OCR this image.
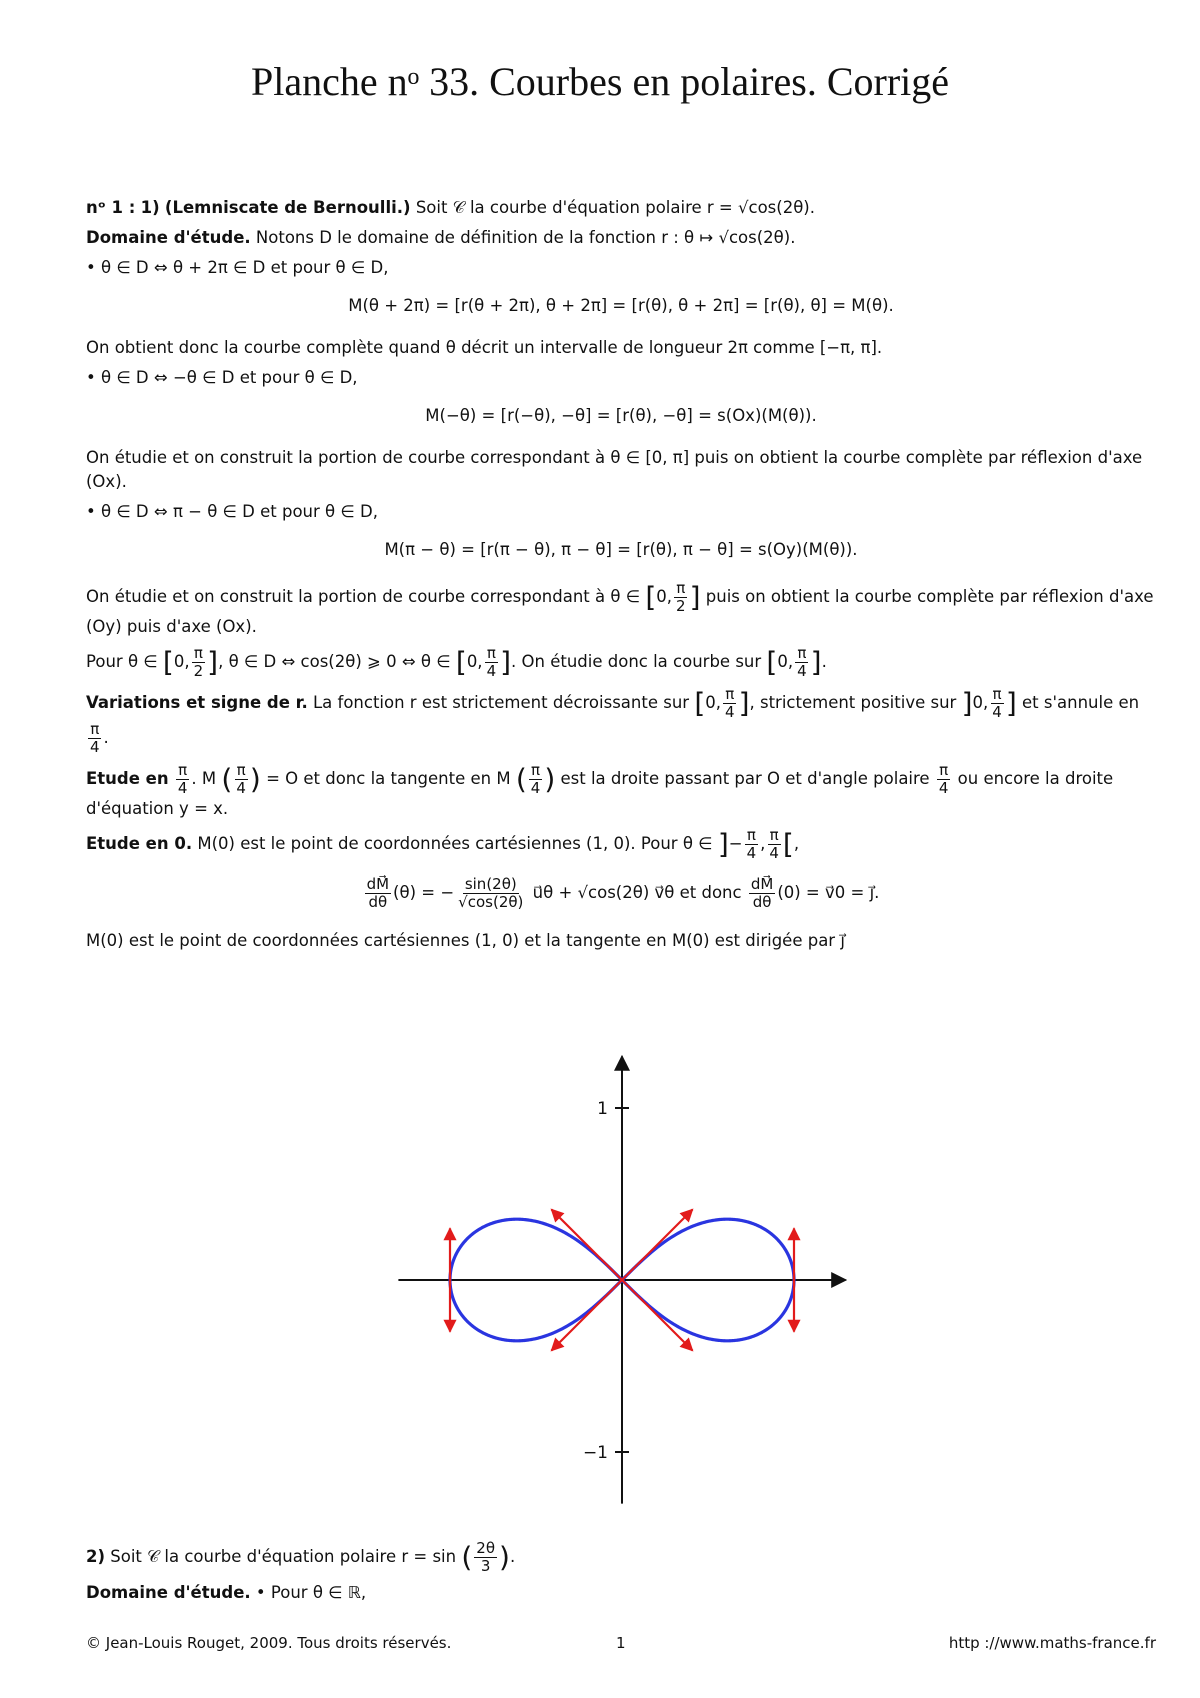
Planche nᵒ 33. Courbes en polaires. Corrigé

nᵒ 1 : 1) (Lemniscate de Bernoulli.) Soit 𝒞 la courbe d'équation polaire r = √cos(2θ).

Domaine d'étude. Notons D le domaine de définition de la fonction r : θ ↦ √cos(2θ).

• θ ∈ D ⇔ θ + 2π ∈ D et pour θ ∈ D,

M(θ + 2π) = [r(θ + 2π), θ + 2π] = [r(θ), θ + 2π] = [r(θ), θ] = M(θ).

On obtient donc la courbe complète quand θ décrit un intervalle de longueur 2π comme [−π, π].

• θ ∈ D ⇔ −θ ∈ D et pour θ ∈ D,

M(−θ) = [r(−θ), −θ] = [r(θ), −θ] = s(Ox)(M(θ)).

On étudie et on construit la portion de courbe correspondant à θ ∈ [0, π] puis on obtient la courbe complète par réflexion d'axe (Ox).

• θ ∈ D ⇔ π − θ ∈ D et pour θ ∈ D,

M(π − θ) = [r(π − θ), π − θ] = [r(θ), π − θ] = s(Oy)(M(θ)).

On étudie et on construit la portion de courbe correspondant à θ ∈ [0, $\frac{\pi}{2}$ ] puis on obtient la courbe complète par réflexion d'axe (Oy) puis d'axe (Ox).

Pour θ ∈ [0, $\frac{\pi}{2}$ ], θ ∈ D ⇔ cos(2θ) ⩾ 0 ⇔ θ ∈ [0, $\frac{\pi}{4}$ ]. On étudie donc la courbe sur [0, $\frac{\pi}{4}$ ].

Variations et signe de r. La fonction r est strictement décroissante sur [0, $\frac{\pi}{4}$ ], strictement positive sur ]0, $\frac{\pi}{4}$ ] et s'annule en
$\frac{\pi}{4}$ .

Etude en $\frac{\pi}{4}$ . M ( $\frac{\pi}{4}$ ) = O et donc la tangente en M ( $\frac{\pi}{4}$ ) est la droite passant par O et d'angle polaire $\frac{\pi}{4}$ ou encore la droite d'équation y = x.

Etude en 0. M(0) est le point de coordonnées cartésiennes (1, 0). Pour θ ∈ ]− $\frac{\pi}{4}$ , $\frac{\pi}{4}$ [,

$\frac{dM⃗}{d\theta} (\theta)$ = − $\frac{\sin(2\theta)}{√\cos(2\theta)}$ u⃗θ + √cos(2θ) v⃗θ et donc $\frac{dM⃗}{d\theta} (0)$ = v⃗0 = j⃗.

M(0) est le point de coordonnées cartésiennes (1, 0) et la tangente en M(0) est dirigée par j⃗

1
−1

2) Soit 𝒞 la courbe d'équation polaire r = sin ( $\frac{2\theta}{3}$ ).

Domaine d'étude. • Pour θ ∈ ℝ,

© Jean-Louis Rouget, 2009. Tous droits réservés.	1	http ://www.maths-france.fr
